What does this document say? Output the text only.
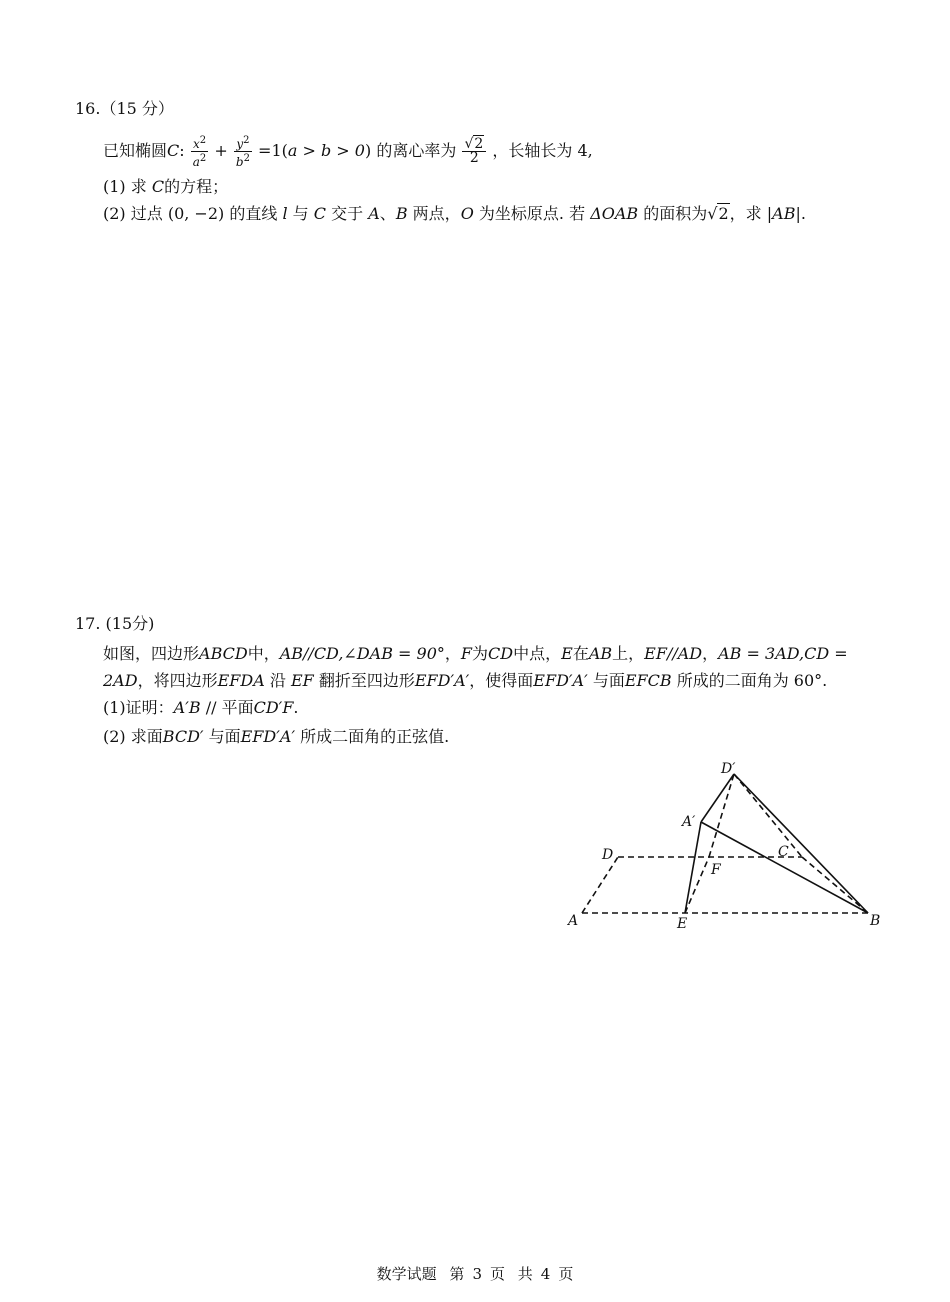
16.（15 分）
已知椭圆C: $\frac{x^2}{a^2} + \frac{y^2}{b^2} =1(a > b > 0)$ 的离心率为 $\frac{√2}{2}$ ，长轴长为 4,
(1) 求 C的方程；
(2) 过点 (0, −2) 的直线 l 与 C 交于 A、B 两点，O 为坐标原点. 若 ΔOAB 的面积为√2，求 |AB|.
17. (15分)
如图，四边形ABCD中，AB//CD,∠DAB = 90°，F为CD中点，E在AB上，EF//AD，AB = 3AD,CD =
2AD，将四边形EFDA 沿 EF 翻折至四边形EFD′A′，使得面EFD′A′ 与面EFCB 所成的二面角为 60°.
(1)证明：A′B // 平面CD′F.
(2) 求面BCD′ 与面EFD′A′ 所成二面角的正弦值.
D′
A′
D	C
F
A	E	B
数学试题 第 3 页 共 4 页
